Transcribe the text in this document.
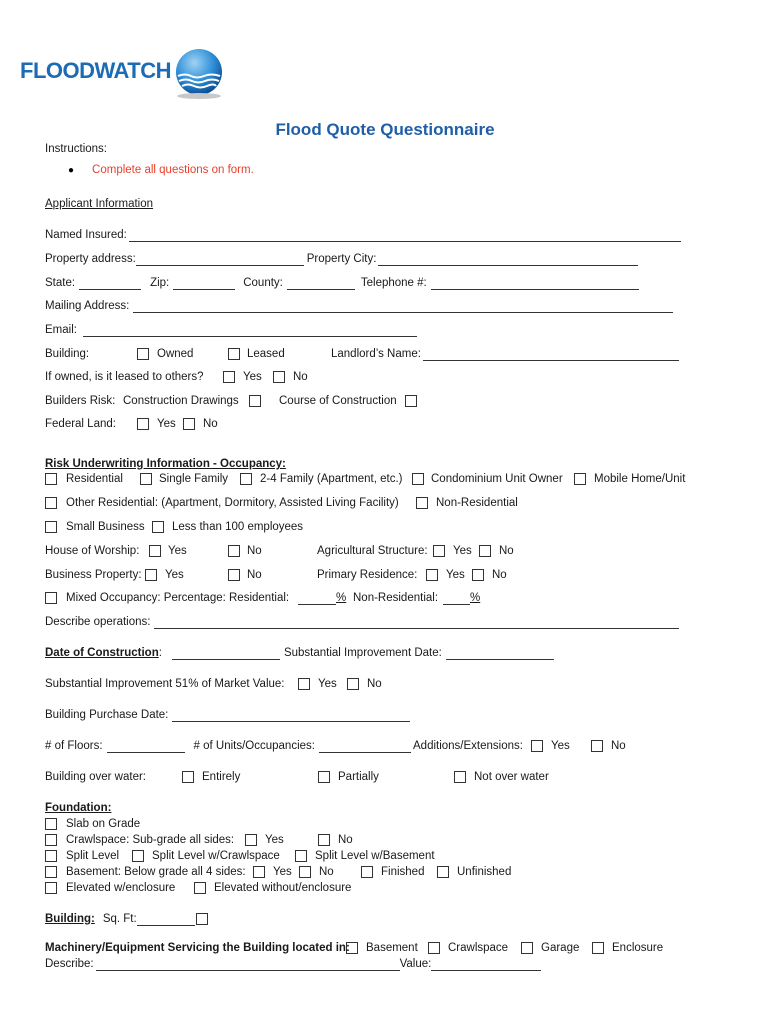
FLOODWATCH
Flood Quote Questionnaire
Instructions:
● Complete all questions on form.
Applicant Information
Named Insured:
Property address:	Property City:
State:	Zip:	County:	Telephone #:
Mailing Address:
Email:
Building:	Owned	Leased	Landlord’s Name:
If owned, is it leased to others?	Yes	No
Builders Risk: Construction Drawings	Course of Construction
Federal Land:	Yes No
Risk Underwriting Information - Occupancy:
Residential	Single Family	2-4 Family (Apartment, etc.) Condominium Unit Owner	Mobile Home/Unit
Other Residential: (Apartment, Dormitory, Assisted Living Facility)	Non-Residential
Small Business Less than 100 employees
House of Worship: Yes	No	Agricultural Structure: Yes No
Business Property: Yes	No	Primary Residence: Yes No
Mixed Occupancy: Percentage: Residential:	% Non-Residential:	%
Describe operations:
Date of Construction :	Substantial Improvement Date:
Substantial Improvement 51% of Market Value:	Yes	No
Building Purchase Date:
# of Floors:	# of Units/Occupancies:	Additions/Extensions: Yes	No
Building over water:	Entirely	Partially	Not over water
Foundation:
Slab on Grade
Crawlspace: Sub-grade all sides:	Yes	No
Split Level	Split Level w/Crawlspace	Split Level w/Basement
Basement: Below grade all 4 sides: Yes No	Finished	Unfinished
Elevated w/enclosure	Elevated without/enclosure
Building: Sq. Ft:
Machinery/Equipment Servicing the Building located in: Basement	Crawlspace	Garage	Enclosure
Describe:	Value:
